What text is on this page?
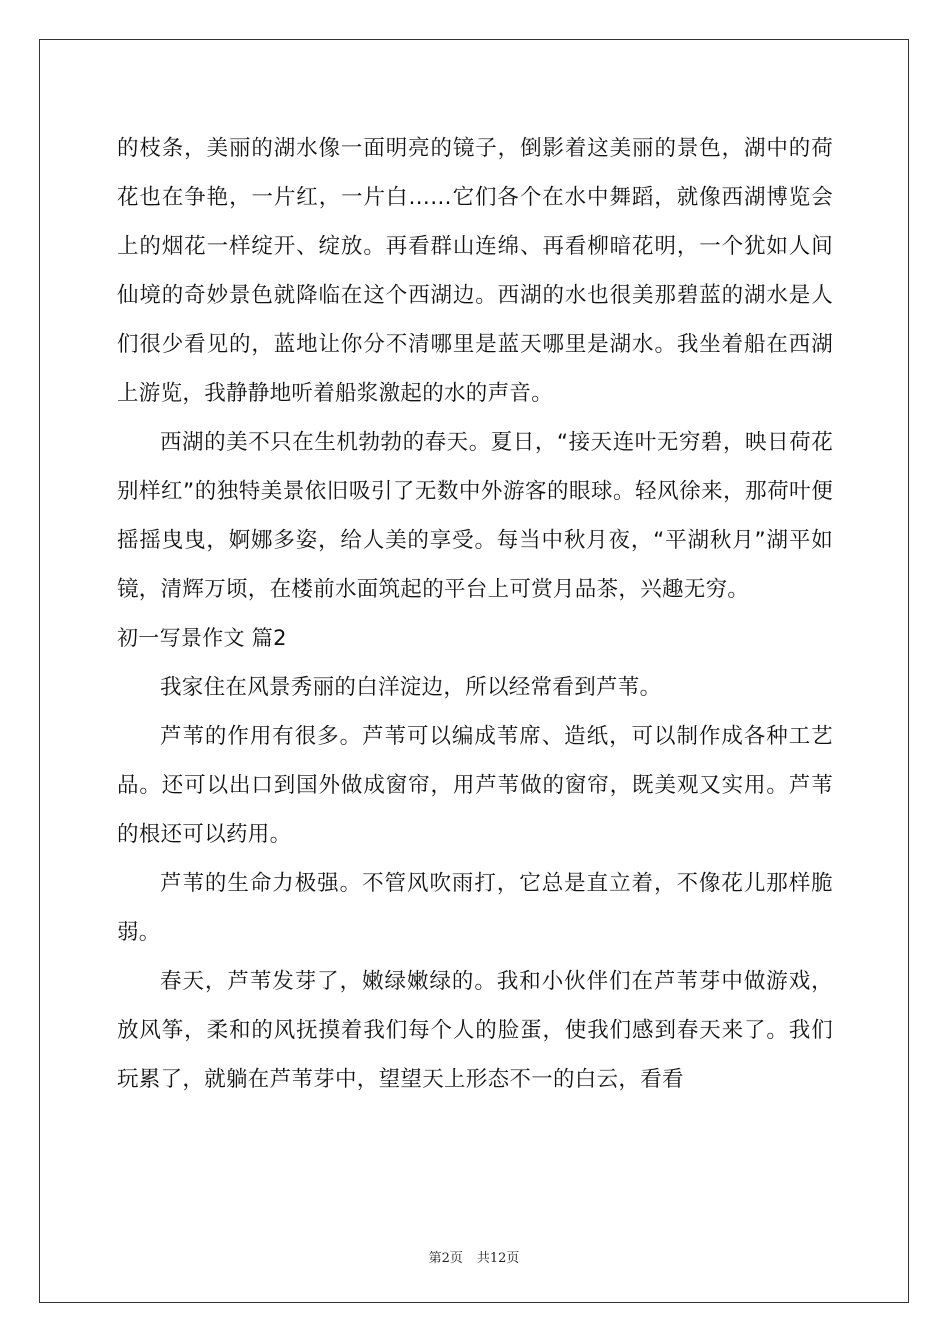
的枝条，美丽的湖水像一面明亮的镜子，倒影着这美丽的景色，湖中的荷花也在争艳，一片红，一片白……它们各个在水中舞蹈，就像西湖博览会上的烟花一样绽开、绽放。再看群山连绵、再看柳暗花明，一个犹如人间仙境的奇妙景色就降临在这个西湖边。西湖的水也很美那碧蓝的湖水是人们很少看见的，蓝地让你分不清哪里是蓝天哪里是湖水。我坐着船在西湖上游览，我静静地听着船浆激起的水的声音。

西湖的美不只在生机勃勃的春天。夏日，“接天连叶无穷碧，映日荷花别样红”的独特美景依旧吸引了无数中外游客的眼球。轻风徐来，那荷叶便摇摇曳曳，婀娜多姿，给人美的享受。每当中秋月夜，“平湖秋月”湖平如镜，清辉万顷，在楼前水面筑起的平台上可赏月品茶，兴趣无穷。

初一写景作文 篇2

我家住在风景秀丽的白洋淀边，所以经常看到芦苇。

芦苇的作用有很多。芦苇可以编成苇席、造纸，可以制作成各种工艺品。还可以出口到国外做成窗帘，用芦苇做的窗帘，既美观又实用。芦苇的根还可以药用。

芦苇的生命力极强。不管风吹雨打，它总是直立着，不像花儿那样脆弱。

春天，芦苇发芽了，嫩绿嫩绿的。我和小伙伴们在芦苇芽中做游戏，放风筝，柔和的风抚摸着我们每个人的脸蛋，使我们感到春天来了。我们玩累了，就躺在芦苇芽中，望望天上形态不一的白云，看看

第2页 共12页
